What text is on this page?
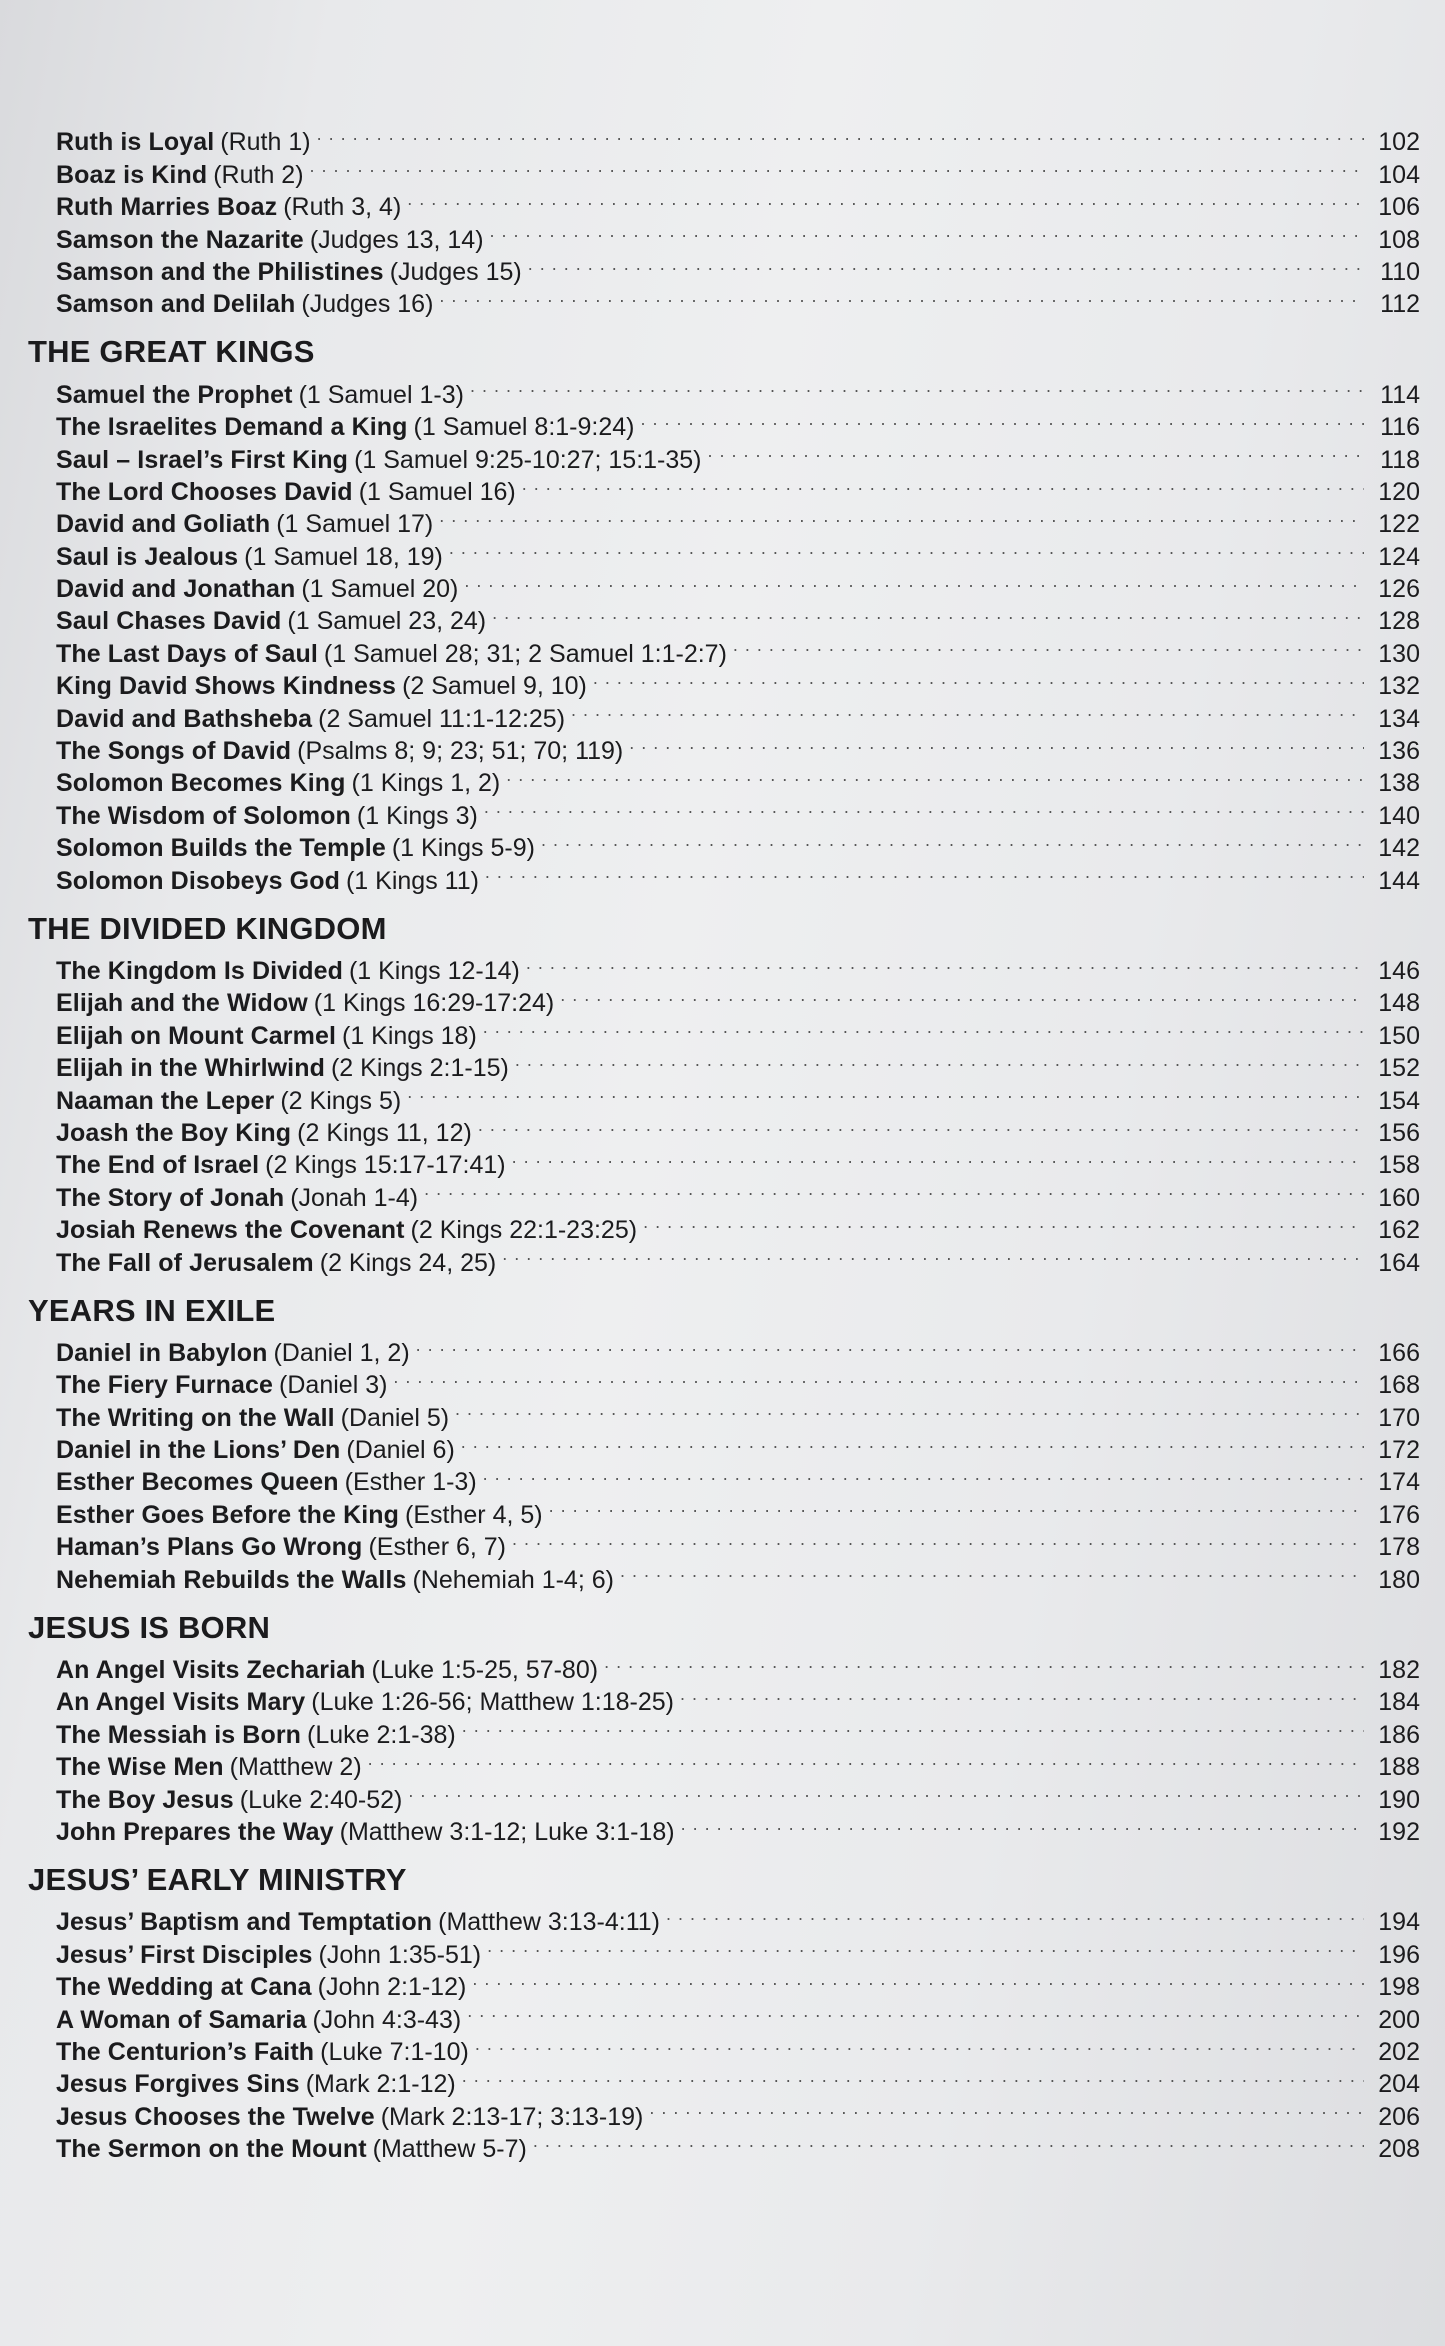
Ruth is Loyal (Ruth 1) . . .	102
Boaz is Kind (Ruth 2) . . .	104
Ruth Marries Boaz (Ruth 3, 4) . . .	106
Samson the Nazarite (Judges 13, 14) . . .	108
Samson and the Philistines (Judges 15) . . .	110
Samson and Delilah (Judges 16) . . .	112
THE GREAT KINGS
Samuel the Prophet (1 Samuel 1-3) . . .	114
The Israelites Demand a King (1 Samuel 8:1-9:24) . . .	116
Saul – Israel’s First King (1 Samuel 9:25-10:27; 15:1-35) . . .	118
The Lord Chooses David (1 Samuel 16) . . .	120
David and Goliath (1 Samuel 17) . . .	122
Saul is Jealous (1 Samuel 18, 19) . . .	124
David and Jonathan (1 Samuel 20) . . .	126
Saul Chases David (1 Samuel 23, 24) . . .	128
The Last Days of Saul (1 Samuel 28; 31; 2 Samuel 1:1-2:7) . . .	130
King David Shows Kindness (2 Samuel 9, 10) . . .	132
David and Bathsheba (2 Samuel 11:1-12:25) . . .	134
The Songs of David (Psalms 8; 9; 23; 51; 70; 119) . . .	136
Solomon Becomes King (1 Kings 1, 2) . . .	138
The Wisdom of Solomon (1 Kings 3) . . .	140
Solomon Builds the Temple (1 Kings 5-9) . . .	142
Solomon Disobeys God (1 Kings 11) . . .	144
THE DIVIDED KINGDOM
The Kingdom Is Divided (1 Kings 12-14) . . .	146
Elijah and the Widow (1 Kings 16:29-17:24) . . .	148
Elijah on Mount Carmel (1 Kings 18) . . .	150
Elijah in the Whirlwind (2 Kings 2:1-15) . . .	152
Naaman the Leper (2 Kings 5) . . .	154
Joash the Boy King (2 Kings 11, 12) . . .	156
The End of Israel (2 Kings 15:17-17:41) . . .	158
The Story of Jonah (Jonah 1-4) . . .	160
Josiah Renews the Covenant (2 Kings 22:1-23:25) . . .	162
The Fall of Jerusalem (2 Kings 24, 25) . . .	164
YEARS IN EXILE
Daniel in Babylon (Daniel 1, 2) . . .	166
The Fiery Furnace (Daniel 3) . . .	168
The Writing on the Wall (Daniel 5) . . .	170
Daniel in the Lions’ Den (Daniel 6) . . .	172
Esther Becomes Queen (Esther 1-3) . . .	174
Esther Goes Before the King (Esther 4, 5) . . .	176
Haman’s Plans Go Wrong (Esther 6, 7) . . .	178
Nehemiah Rebuilds the Walls (Nehemiah 1-4; 6) . . .	180
JESUS IS BORN
An Angel Visits Zechariah (Luke 1:5-25, 57-80) . . .	182
An Angel Visits Mary (Luke 1:26-56; Matthew 1:18-25) . . .	184
The Messiah is Born (Luke 2:1-38) . . .	186
The Wise Men (Matthew 2) . . .	188
The Boy Jesus (Luke 2:40-52) . . .	190
John Prepares the Way (Matthew 3:1-12; Luke 3:1-18) . . .	192
JESUS’ EARLY MINISTRY
Jesus’ Baptism and Temptation (Matthew 3:13-4:11) . . .	194
Jesus’ First Disciples (John 1:35-51) . . .	196
The Wedding at Cana (John 2:1-12) . . .	198
A Woman of Samaria (John 4:3-43) . . .	200
The Centurion’s Faith (Luke 7:1-10) . . .	202
Jesus Forgives Sins (Mark 2:1-12) . . .	204
Jesus Chooses the Twelve (Mark 2:13-17; 3:13-19) . . .	206
The Sermon on the Mount (Matthew 5-7) . . .	208
